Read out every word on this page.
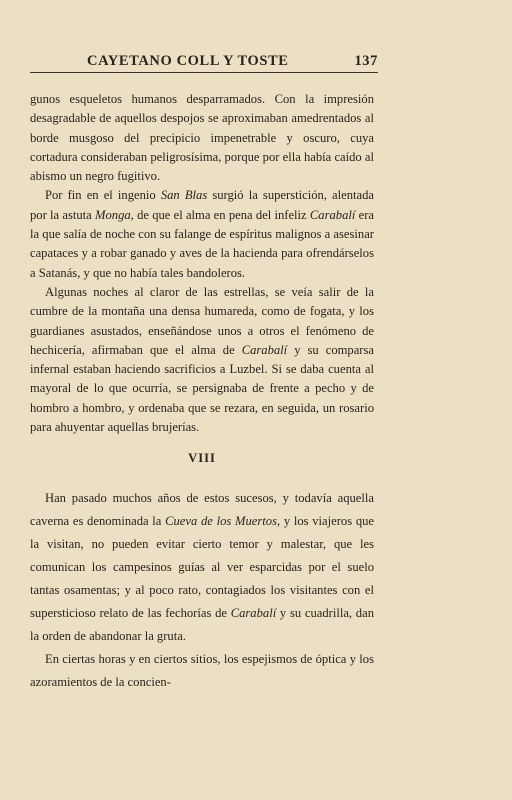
CAYETANO COLL Y TOSTE	137

gunos esqueletos humanos desparramados. Con la impresión desagradable de aquellos despojos se aproximaban amedrentados al borde musgoso del precipicio impenetrable y oscuro, cuya cortadura consideraban peligrosísima, porque por ella había caído al abismo un negro fugitivo.

Por fin en el ingenio San Blas surgió la superstición, alentada por la astuta Monga, de que el alma en pena del infeliz Carabalí era la que salía de noche con su falange de espíritus malignos a asesinar capataces y a robar ganado y aves de la hacienda para ofrendárselos a Satanás, y que no había tales bandoleros.

Algunas noches al claror de las estrellas, se veía salir de la cumbre de la montaña una densa humareda, como de fogata, y los guardianes asustados, enseñándose unos a otros el fenómeno de hechicería, afirmaban que el alma de Carabalí y su comparsa infernal estaban haciendo sacrificios a Luzbel. Si se daba cuenta al mayoral de lo que ocurría, se persignaba de frente a pecho y de hombro a hombro, y ordenaba que se rezara, en seguida, un rosario para ahuyentar aquellas brujerías.

VIII

Han pasado muchos años de estos sucesos, y todavía aquella caverna es denominada la Cueva de los Muertos, y los viajeros que la visitan, no pueden evitar cierto temor y malestar, que les comunican los campesinos guías al ver esparcidas por el suelo tantas osamentas; y al poco rato, contagiados los visitantes con el supersticioso relato de las fechorías de Carabalí y su cuadrilla, dan la orden de abandonar la gruta.

En ciertas horas y en ciertos sitios, los espejismos de óptica y los azoramientos de la concien-
